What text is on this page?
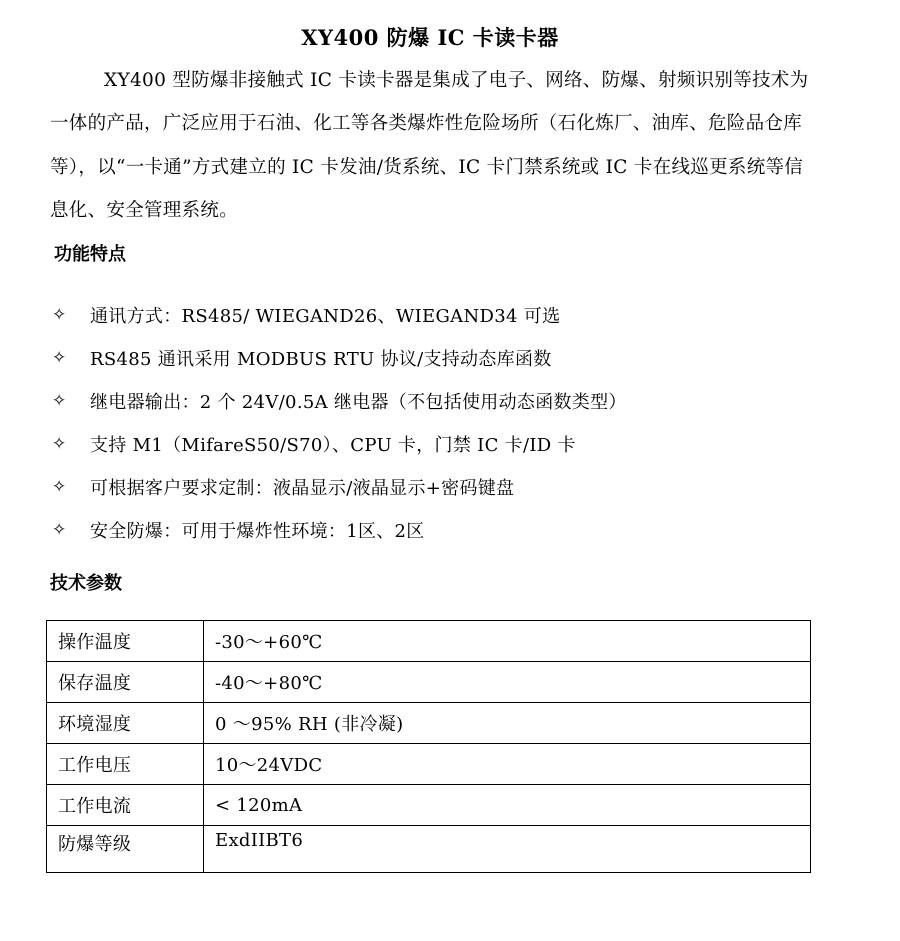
XY400 防爆 IC 卡读卡器

XY400 型防爆非接触式 IC 卡读卡器是集成了电子、网络、防爆、射频识别等技术为一体的产品，广泛应用于石油、化工等各类爆炸性危险场所（石化炼厂、油库、危险品仓库等），以“一卡通”方式建立的 IC 卡发油/货系统、IC 卡门禁系统或 IC 卡在线巡更系统等信息化、安全管理系统。

功能特点
✧	通讯方式：RS485/ WIEGAND26、WIEGAND34 可选
✧	RS485 通讯采用 MODBUS RTU 协议/支持动态库函数
✧	继电器输出：2 个 24V/0.5A 继电器（不包括使用动态函数类型）
✧	支持 M1（MifareS50/S70）、CPU 卡，门禁 IC 卡/ID 卡
✧	可根据客户要求定制：液晶显示/液晶显示+密码键盘
✧	安全防爆：可用于爆炸性环境：1区、2区
技术参数
操作温度	-30～+60℃
保存温度	-40～+80℃
环境湿度	0 ～95% RH (非冷凝)
工作电压	10～24VDC
工作电流	< 120mA
防爆等级	ExdIIBT6
